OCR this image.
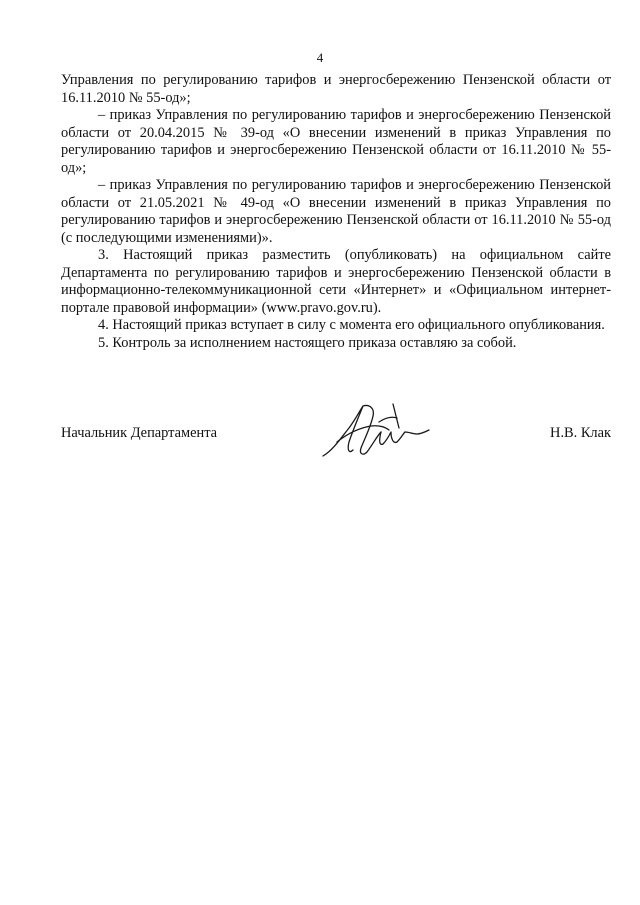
4

Управления по регулированию тарифов и энергосбережению Пензенской области от 16.11.2010 № 55-од»;

– приказ Управления по регулированию тарифов и энергосбережению Пензенской области от 20.04.2015 № 39-од «О внесении изменений в приказ Управления по регулированию тарифов и энергосбережению Пензенской области от 16.11.2010 № 55-од»;

– приказ Управления по регулированию тарифов и энергосбережению Пензенской области от 21.05.2021 № 49-од «О внесении изменений в приказ Управления по регулированию тарифов и энергосбережению Пензенской области от 16.11.2010 № 55-од (с последующими изменениями)».

3. Настоящий приказ разместить (опубликовать) на официальном сайте Департамента по регулированию тарифов и энергосбережению Пензенской области в информационно-телекоммуникационной сети «Интернет» и «Официальном интернет-портале правовой информации» (www.pravo.gov.ru).

4. Настоящий приказ вступает в силу с момента его официального опубликования.

5. Контроль за исполнением настоящего приказа оставляю за собой.

Начальник Департамента	Н.В. Клак
